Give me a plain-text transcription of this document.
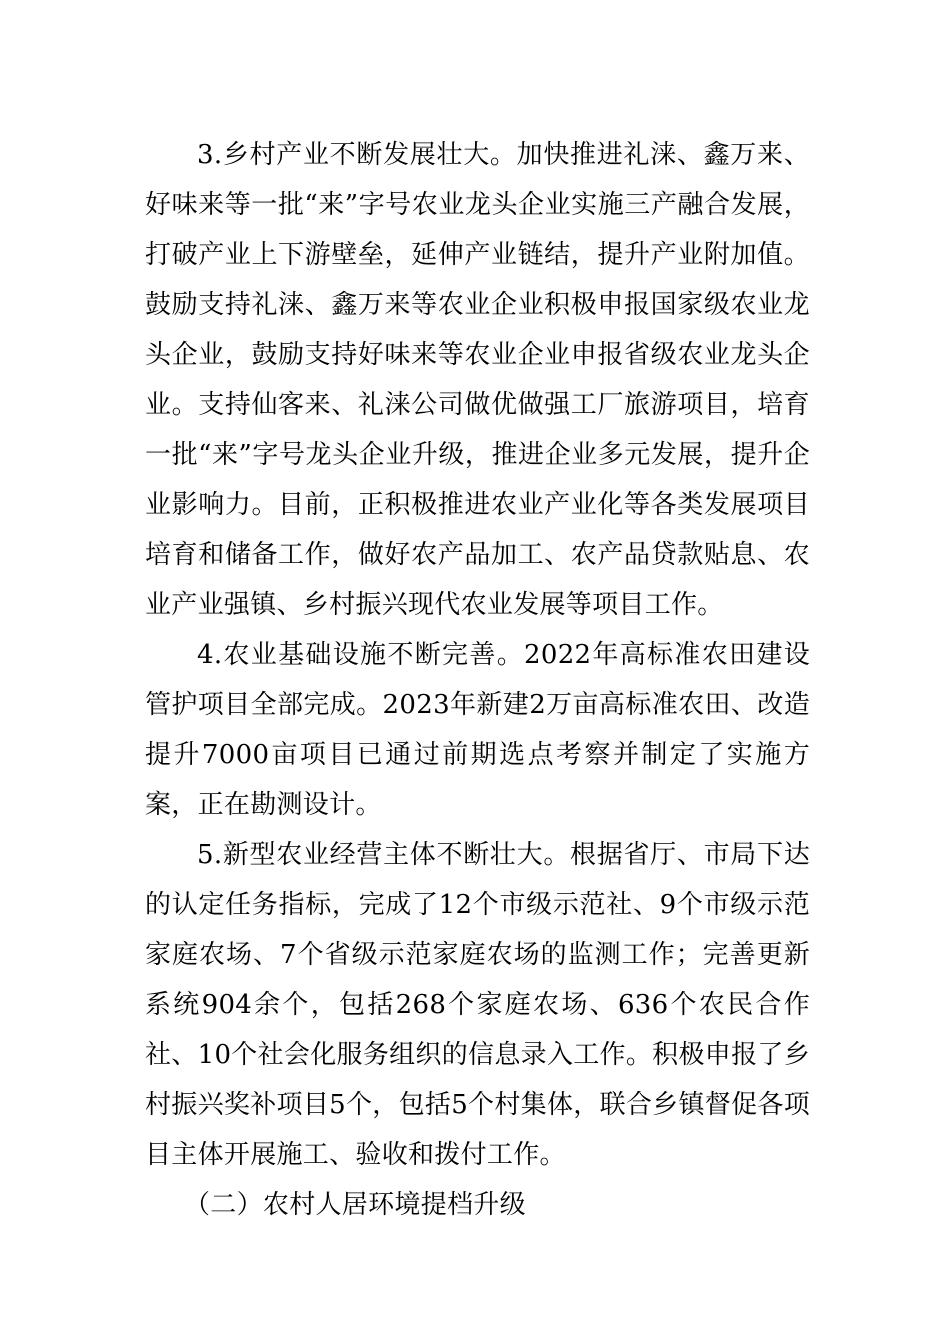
3.乡村产业不断发展壮大。加快推进礼涞、鑫万来、好味来等一批“来”字号农业龙头企业实施三产融合发展，打破产业上下游壁垒，延伸产业链结，提升产业附加值。鼓励支持礼涞、鑫万来等农业企业积极申报国家级农业龙头企业，鼓励支持好味来等农业企业申报省级农业龙头企业。支持仙客来、礼涞公司做优做强工厂旅游项目，培育一批“来”字号龙头企业升级，推进企业多元发展，提升企业影响力。目前，正积极推进农业产业化等各类发展项目培育和储备工作，做好农产品加工、农产品贷款贴息、农业产业强镇、乡村振兴现代农业发展等项目工作。

4.农业基础设施不断完善。2022年高标准农田建设管护项目全部完成。2023年新建2万亩高标准农田、改造提升7000亩项目已通过前期选点考察并制定了实施方案，正在勘测设计。

5.新型农业经营主体不断壮大。根据省厅、市局下达的认定任务指标，完成了12个市级示范社、9个市级示范家庭农场、7个省级示范家庭农场的监测工作；完善更新系统904余个，包括268个家庭农场、636个农民合作社、10个社会化服务组织的信息录入工作。积极申报了乡村振兴奖补项目5个，包括5个村集体，联合乡镇督促各项目主体开展施工、验收和拨付工作。

（二）农村人居环境提档升级
